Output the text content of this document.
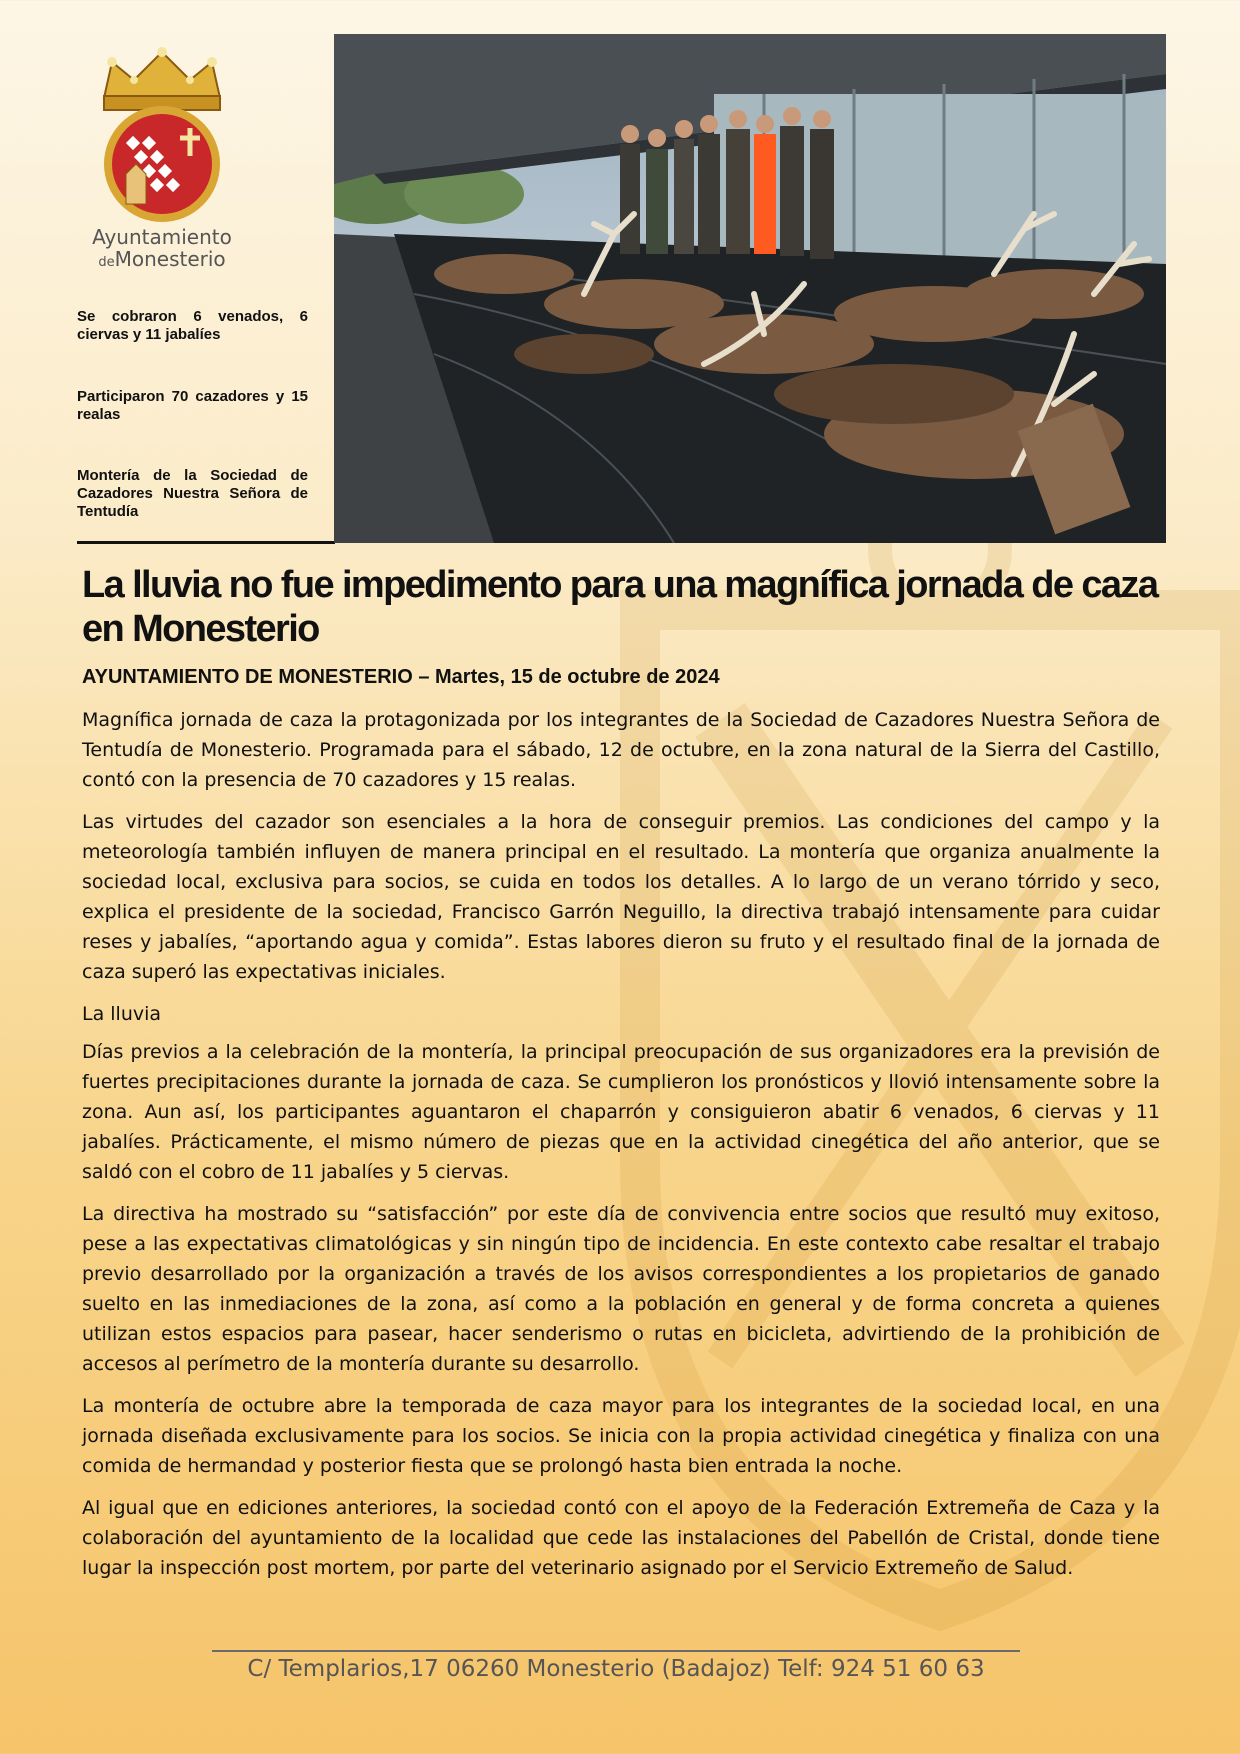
Ayuntamiento
deMonesterio
Se cobraron 6 venados, 6 ciervas y 11 jabalíes
Participaron 70 cazadores y 15 realas
Montería de la Sociedad de Cazadores Nuestra Señora de Tentudía
La lluvia no fue impedimento para una magnífica jornada de caza en Monesterio
AYUNTAMIENTO DE MONESTERIO – Martes, 15 de octubre de 2024

Magnífica jornada de caza la protagonizada por los integrantes de la Sociedad de Cazadores Nuestra Señora de Tentudía de Monesterio. Programada para el sábado, 12 de octubre, en la zona natural de la Sierra del Castillo, contó con la presencia de 70 cazadores y 15 realas.

Las virtudes del cazador son esenciales a la hora de conseguir premios. Las condiciones del campo y la meteorología también influyen de manera principal en el resultado. La montería que organiza anualmente la sociedad local, exclusiva para socios, se cuida en todos los detalles. A lo largo de un verano tórrido y seco, explica el presidente de la sociedad, Francisco Garrón Neguillo, la directiva trabajó intensamente para cuidar reses y jabalíes, “aportando agua y comida”. Estas labores dieron su fruto y el resultado final de la jornada de caza superó las expectativas iniciales.

La lluvia

Días previos a la celebración de la montería, la principal preocupación de sus organizadores era la previsión de fuertes precipitaciones durante la jornada de caza. Se cumplieron los pronósticos y llovió intensamente sobre la zona. Aun así, los participantes aguantaron el chaparrón y consiguieron abatir 6 venados, 6 ciervas y 11 jabalíes. Prácticamente, el mismo número de piezas que en la actividad cinegética del año anterior, que se saldó con el cobro de 11 jabalíes y 5 ciervas.

La directiva ha mostrado su “satisfacción” por este día de convivencia entre socios que resultó muy exitoso, pese a las expectativas climatológicas y sin ningún tipo de incidencia. En este contexto cabe resaltar el trabajo previo desarrollado por la organización a través de los avisos correspondientes a los propietarios de ganado suelto en las inmediaciones de la zona, así como a la población en general y de forma concreta a quienes utilizan estos espacios para pasear, hacer senderismo o rutas en bicicleta, advirtiendo de la prohibición de accesos al perímetro de la montería durante su desarrollo.

La montería de octubre abre la temporada de caza mayor para los integrantes de la sociedad local, en una jornada diseñada exclusivamente para los socios. Se inicia con la propia actividad cinegética y finaliza con una comida de hermandad y posterior fiesta que se prolongó hasta bien entrada la noche.

Al igual que en ediciones anteriores, la sociedad contó con el apoyo de la Federación Extremeña de Caza y la colaboración del ayuntamiento de la localidad que cede las instalaciones del Pabellón de Cristal, donde tiene lugar la inspección post mortem, por parte del veterinario asignado por el Servicio Extremeño de Salud.

C/ Templarios,17 06260 Monesterio (Badajoz) Telf: 924 51 60 63
